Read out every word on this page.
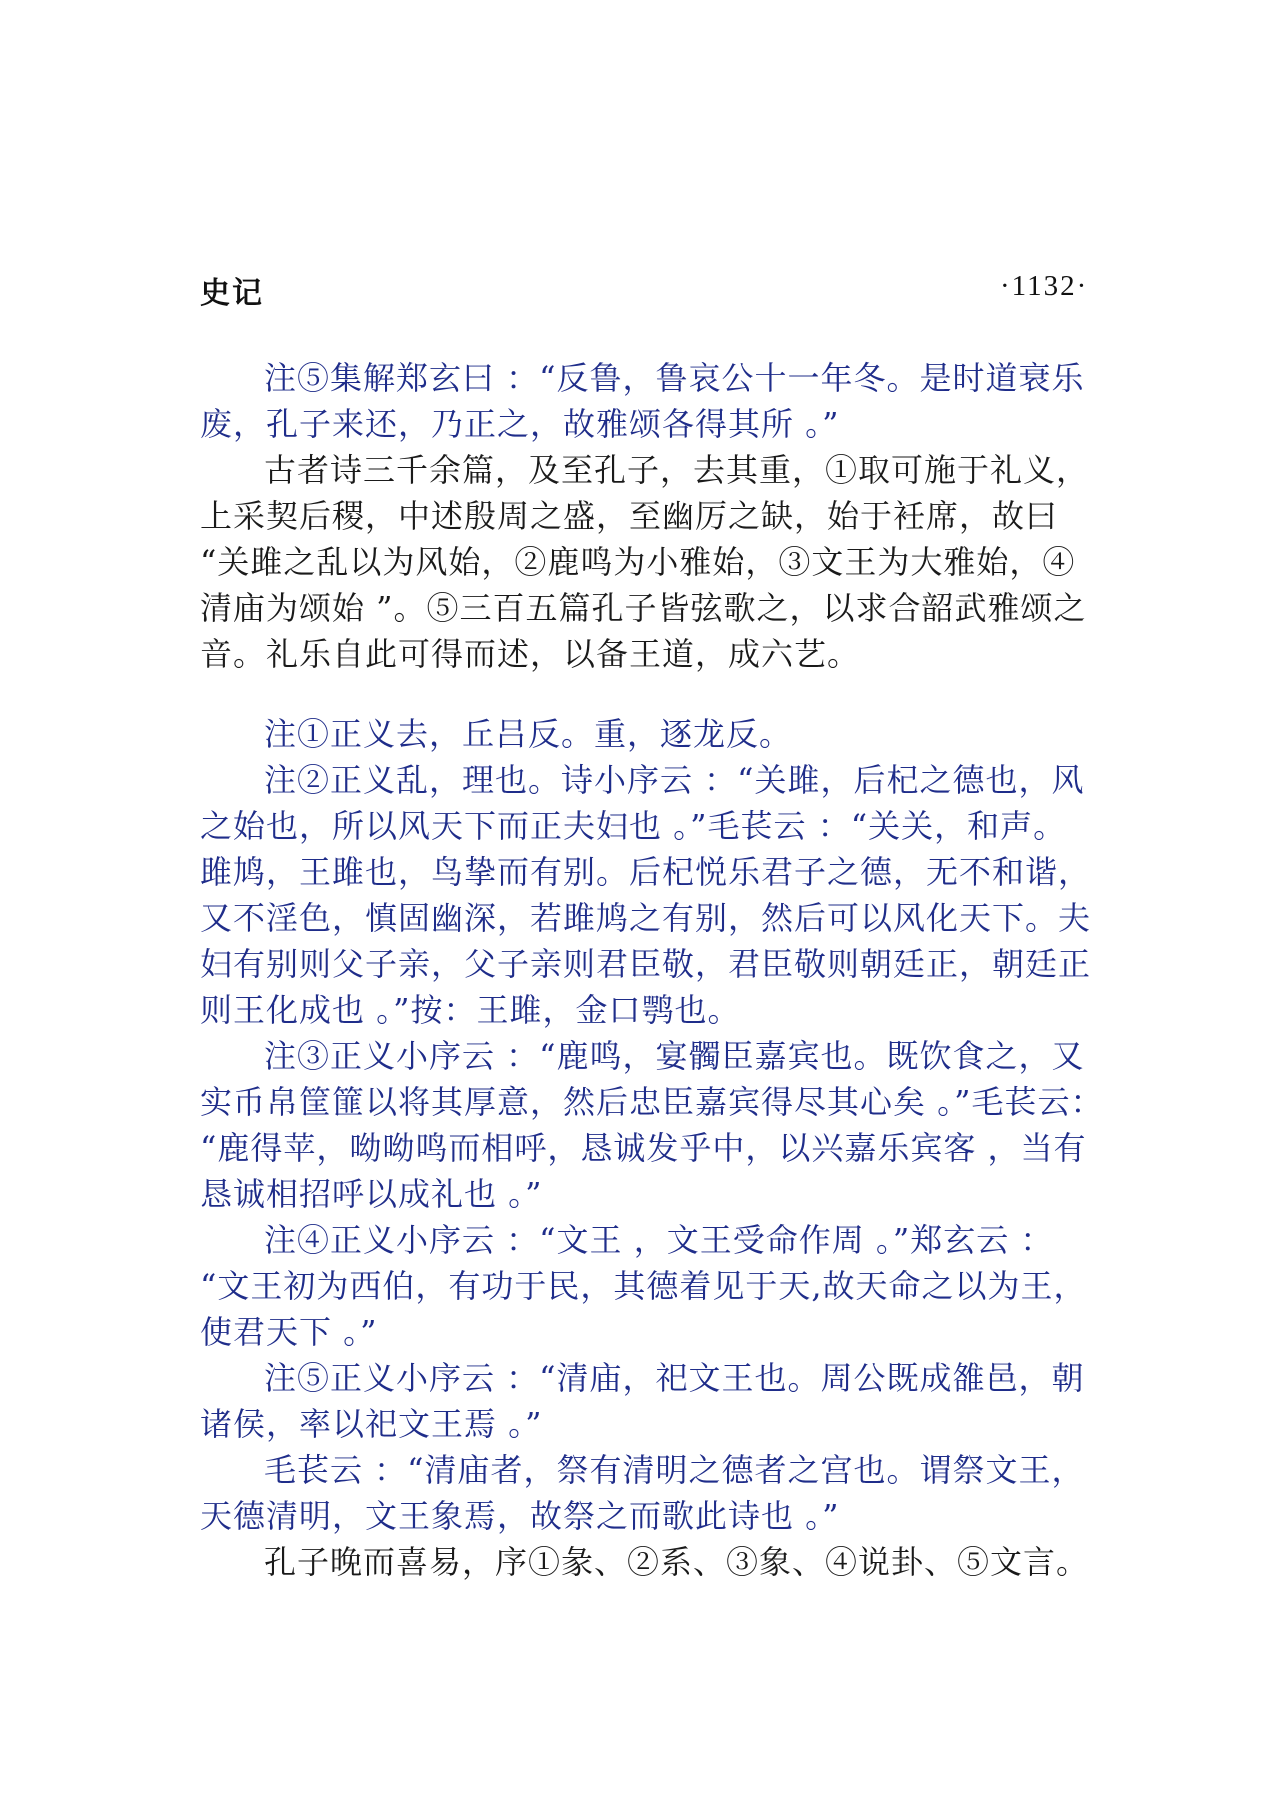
史记	·1132·
注⑤集解郑玄曰 ：“反鲁，鲁哀公十一年冬。是时道衰乐
废，孔子来还，乃正之，故雅颂各得其所 。”
古者诗三千余篇，及至孔子，去其重，①取可施于礼义，
上采契后稷，中述殷周之盛，至幽厉之缺，始于衽席，故曰
“关雎之乱以为风始，②鹿鸣为小雅始，③文王为大雅始，④
清庙为颂始 ”。⑤三百五篇孔子皆弦歌之，以求合韶武雅颂之
音。礼乐自此可得而述，以备王道，成六艺。
注①正义去，丘吕反。重，逐龙反。
注②正义乱，理也。诗小序云 ：“关雎，后杞之德也，风
之始也，所以风天下而正夫妇也 。”毛苌云 ：“关关，和声。
雎鸠，王雎也，鸟挚而有别。后杞悦乐君子之德，无不和谐，
又不淫色，慎固幽深，若雎鸠之有别，然后可以风化天下。夫
妇有别则父子亲，父子亲则君臣敬，君臣敬则朝廷正，朝廷正
则王化成也 。”按：王雎，金口鹗也。
注③正义小序云 ：“鹿鸣，宴髑臣嘉宾也。既饮食之，又
实币帛筐篚以将其厚意，然后忠臣嘉宾得尽其心矣 。”毛苌云：
“鹿得苹，呦呦鸣而相呼，恳诚发乎中，以兴嘉乐宾客 ，当有
恳诚相招呼以成礼也 。”
注④正义小序云 ：“文王 ，文王受命作周 。”郑玄云 ：
“文王初为西伯，有功于民，其德着见于天,故天命之以为王，
使君天下 。”
注⑤正义小序云 ：“清庙，祀文王也。周公既成雒邑，朝
诸侯，率以祀文王焉 。”
毛苌云 ：“清庙者，祭有清明之德者之宫也。谓祭文王，
天德清明，文王象焉，故祭之而歌此诗也 。”
孔子晚而喜易，序①彖、②系、③象、④说卦、⑤文言。
